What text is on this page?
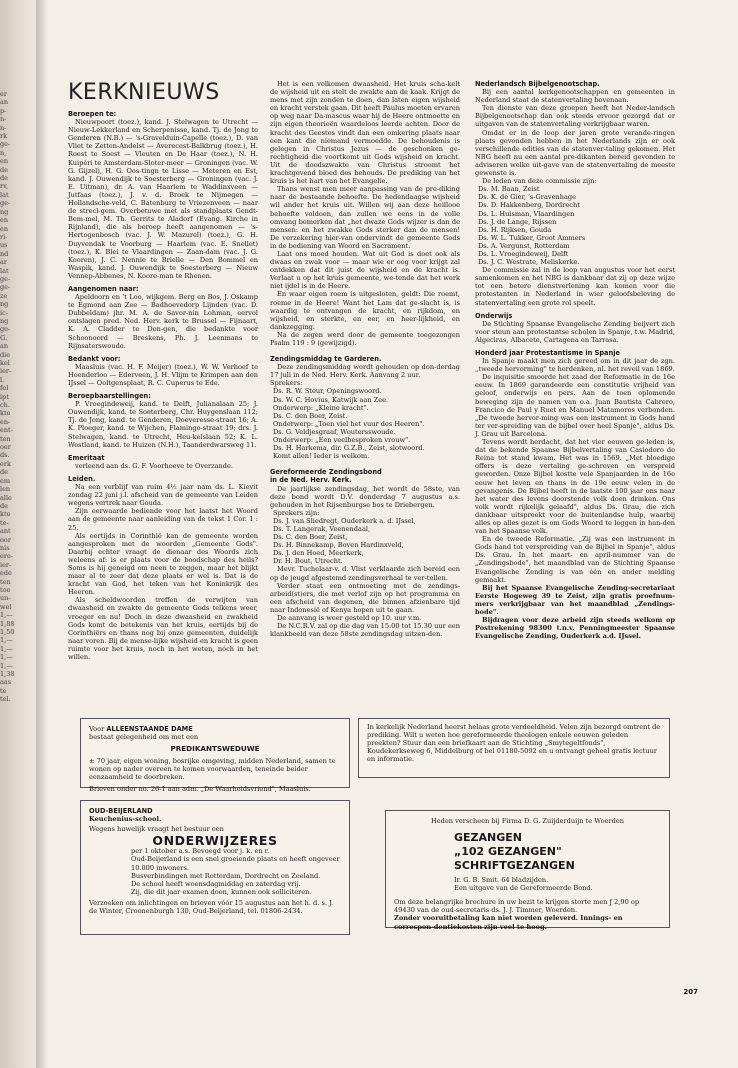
er
an
p-
n-
n-
rk
ge-
n,
en
de
de
rv,
lat
ge-
ng
en
en
ri-
us
nd
ar
lat
ge-
ge-
ze
ng
ic-
ng
ge-
G.
an
die
kel
ier-
l.
fel
ipt
ch.
kte
en-
ent-
ten
oer
ds.
erk
de
em
len
alle
de
kte
te-
ant
oor
nis
ere-
ier-
ede
ten
toe
un-
wel
1,—
1,88
1,50
1,—
1,—
1,—
1,—
1,38
aas
te
tel.
KERKNIEUWS
Beroepen te:

Nieuwpoort (toez.), kand. J. Stelwagen te Utrecht — Nieuw-Lekkerland en Scherpenisse, kand. Tj. de Jong te Genderen (N.B.) — 's-Gravelduin-Capelle (toez.), D. van Vliet te Zetten-Andelst — Averecest-Balkbrug (toez.), H. Roest te Soest — Vleuten en De Haar (toez.), N. H. Kuipéri te Amsterdam-Sloter-meer — Groningen (vac. W. G. Gijzel), H. G. Oos-tingn te Lisse — Meteren en Est, kand. J. Ouwendijk te Soesterberg — Groningen (vac. J. E. Uitman), dr. A. van Haarlem te Waddinxveen — Jutfaas (toez.), J. v. d. Broek te Nijmegen — Hollandsche-veld, C. Batenburg te Vriezenveen — naar de strecl-gem. Overbetuwe met als standplaats Gendt-Bem-mel, M. Th. Gerrits te Aladorf (Evang. Kirche in Rijnland), die als beroep heeft aangenomen — 's-Hertogenbosch (vac. J. W. Mazurel) (toez.), G. H. Duyvendak te Voorburg — Haarlem (vac. E. Snellet) (toez.), K. Blei te Vlaardingen — Zaan-dam (vac. J. G. Kooren), J. C. Nennie te Brielle — Den Bommel en Waspik, kand. J. Ouwendijk te Soesterberg — Nieuw Vennep-Abbenes, N. Koore-man te Rhenen.

Aangenomen naar:

Apeldoorn en 't Loo, wijkgem. Berg en Bos, J. Oskamp te Egmond aan Zee — Badhoevedorp Lijnden (vac. D. Dubbeldam) jhr. M. A. de Savor-nin Lohman, eervol ontslagen pred. Ned. Herv. kerk te Brussel — Fijnaart, K. A. Cladder te Don-gen, die bedankte voor Schoonoord — Breskens, Ph. J. Leenmans te Rijnsaterswoude.

Bedankt voor:

Maasluis (vac. H. F. Meijer) (toez.), W. W. Verhoef te Hoenderloo — Ederveen, J. H. Vlijm te Krimpen aan den IJssel — Ooltgensplaat, R. C. Cuperus te Ede.

Beroepbaarstellingen:

P. Vroegindeweij, kand. te Delft, Julianalaan 25; J. Ouwendijk, kand. te Soeterberg, Chr. Huygenslaan 112; Tj. de Jong, kand. te Genderen, Doeveresse-straat 16; A. K. Ploeger, kand. te Wijchen, Flamingo-straat 19; drs. J. Stelwagen, kand. te Utrecht, Heu-kelslaan 52; K. L. Westland, kand. te Huizen (N.H.), Taanderdwarsweg 11.

Emeritaat

verleend aan ds. G. F. Voorhoeve te Overzande.

Leiden.

Na een verblijf van ruim 4½ jaar nam ds. L. Kievit zondag 22 juni j.l. afscheid van de gemeente van Leiden wegens vertrek naar Gouda.

Zijn eerwaarde bediende voor het laatst het Woord aan de gemeente naar aanleiding van de tekst 1 Cor. 1 : 25.

Als eertijds in Corinthië kan de gemeente worden aangesproken met de woorden „Gemeente Gods". Daarbij echter vraagt de dienaar des Woords zich weleens af: is er plaats voor de boodschap des heils? Soms is hij geneigd om neen te zeggen, maar het blijkt maar al te zeer dat deze plaats er wel is. Dat is de kracht van God, het teken van het Koninkrijk des Heeren.

Als scheldwoorden treffen de verwijten van dwaasheid en zwakte de gemeente Gods telkens weer, vroeger en nu! Doch in deze dwaasheid en zwakheid Gods komt de betekenis van het kruis, eertijds bij de Corinthiërs en thans nog bij onze gemeenten, duidelijk naar voren. Bij de mense-lijke wijsheid en kracht is geen ruimte voor het kruis, noch in het weten, nóch in het willen.

Het is een volkomen dwaasheid. Het kruis scha-kelt de wijsheid uit en stelt de zwakte aan de kaak. Krijgt de mens met zijn zonden te doen, dan laten eigen wijsheid en kracht verstek gaan. Dit heeft Paulus moeten ervaren op weg naar Da-mascus waar hij de Heere ontmoette en zijn eigen theorieën waardeloos leerde achten. Door de kracht des Geestes vindt dan een omkering plaats naar een kant die niemand vermoedde. De behoudenis is gelegen in Christus Jezus — de geschonken ge-rechtigheid die voortkomt uit Gods wijsheid en kracht. Uit de doodszwakte van Christus stroomt het krachtgevend bloed des behouds. De prediking van het kruis is het hart van het Evangelie.

Thans wenst men meer aanpassing van de pre-diking naar de bestaande behoefte. De hedendaagse wijsheid wil ander het kruis uit. Willen wij aan deze heillooe behoefte voldoen, dan zullen we eens in de volle omvang bemerken dat „het dwaze Gods wijzer is dan de mensen: en het zwakke Gods sterker dan de mensen! De verzekering hier-van ondervindt de gemeente Gods in de bediening van Woord en Sacrament.

Laat ons moed houden. Wat uit God is doet ook als dwaas en zwak voor — maar wie er oog voor krijgt zal ontdekken dat dit juist de wijsheid en de kracht is. Verlaat u op het kruis gemeente, we-tende dat het werk niet ijdel is in de Heere.

En waar eigen roem is uitgesloten, geldt: Die roemt, roeme in de Heere! Want het Lam dat ge-slacht is, is waardig te ontvangen de kracht, en rijkdom, en wijsheid, en sterkte, en eer, en heer-lijkheid, en dankzegging.

Na de zegen werd door de gemeente toegezongen Psalm 119 : 9 (gewijzigd).

Zendingsmiddag te Garderen.

Deze zendingsmiddag wordt gehouden op don-derdag 17 juli in de Ned. Herv. Kerk. Aanvang 2 uur.

Sprekers:

Ds. R. W. Steur, Openingswoord.

Ds. W. C. Hovius, Katwijk aan Zee.

Onderwerp: „Kleine kracht".

Ds. C. den Boer, Zeist.

Onderwerp: „Toen viel het vuur des Heeren".

Ds. G. Veldjesgraaf, Woutersswoude.

Onderwerp: „Een veelbesproken vrouw".

Ds. H. Harkema, dir. G.Z.B., Zeist, slotwoord.

Komt allen! Ieder is welkom.

Gereformeerde Zendingsbond
in de Ned. Herv. Kerk.

De jaarlijkse zendingsdag, het wordt de 58ste, van deze bond wordt D.V. donderdag 7 augustus a.s. gehouden in het Rijsenburgse bos te Driebergen.

Sprekers zijn:

Ds. J. van Sliedregt, Ouderkerk a. d. IJssel,

Ds. T. Langerak, Veenendaal,

Ds. C. den Boer, Zeist,

Ds. H. Binnekamp, Boven Hardinxveld,

Ds. J. den Hoed, Meerkerk,

Dr. H. Bout, Utrecht.

Mevr. Tuchelaar-v. d. Vlist verklaarde zich bereid een op de jeugd afgestemd zendingsverhaal te ver-tellen.

Verder staat een ontmoeting met de zendings-arbeid(st)ers, die met verlof zijn op het programma en een afscheid van degenen, die binnen afzienbare tijd naar Indonesië of Kenya hopen uit te gaan.

De aanvang is weer gesteld op 10. uur v.m.

De N.C.R.V. zal op die dag van 15.00 tot 15.30 uur een klankbeeld van deze 58ste zendingsdag uitzen-den.

Nederlandsch Bijbelgenootschap.

Bij een aantal kerkgenootschappen en gemeenten in Nederland staat de statenvertaling bovenaan.

Ten dienste van deze groepen heeft het Neder-landsch Bijbelgenootschap dan ook steeds ervoor gezorgd dat er uitgaven van de statenvertaling verkrijgbaar waren.

Omdat er in de loop der jaren grote verande-ringen plaats gevonden hebben in het Nederlands zijn er ook verschillende edities van de statenver-taling gekomen. Het NBG heeft nu een aantal pre-dikanten bereid gevonden te adviseren welke uit-gave van de statenvertaling de meeste gewenste is.

De leden van deze commissie zijn:

Ds. M. Baan, Zeist

Ds. K. de Gier, 's-Gravenhage

Ds. D. Hakkenberg, Dordrecht

Ds. L. Huisman, Vlaardingen

Ds. J. de Lange, Rijssen

Ds. H. Rijksen, Gouda

Ds. W. L. Tukker, Groot Ammers

Ds. A. Vergunst, Rotterdam

Ds. L. Vroegindeweij, Delft

Ds. J. C. Westrate, Meliskerke.

De commissie zal in de loop van augustus voor het eerst samenkomen en het NBG is dankbaar dat zij op deze wijze tot een betere dienstverlening kan komen voor die protestanten in Nederland in wier geloofsbeleving de statenvertaling een grote rol speelt.

Onderwijs

De Stichting Spaanse Evangelische Zending beijvert zich voor steun aan protestantse scholen in Spanje, t.w. Madrid, Algeciras, Albacete, Cartagena en Tarrasa.

Honderd jaar Protestantisme in Spanje

In Spanje maakt men zich gereed om in dit jaar de zgn. „tweede hervorming" te herdenken, nl. het reveil van 1869.

De inquisitie smoorde het zaad der Reformatie in de 16e eeuw. In 1869 garandeerde een constitutie vrijheid van geloof, onderwijs en pers. Aan de toen oplomende beweging zijn de namen van o.a. Juan Bautista Cabrero, Francico de Paul y Ruet en Manuel Matamoros verbonden. „De tweede hervor-ming was een instrument in Gods hand ter ver-spreiding van de bijbel over heel Spanje", aldus Ds. J. Grau uit Barcelona.

Tevens wordt herdacht, dat het vier eeuwen ge-leden is, dat de bekende Spaanse Bijbelvertaling van Casiodoro de Reina tot stand kwam. Het was in 1569. „Met bloedige offers is deze vertaling ge-schreven en verspreid geworden. Onze Bijbel kostte vele Spanjaarden in de 16e eeuw het leven en thans in de 19e eeuw velen in de gevangenis. De Bijbel heeft in de laatste 100 jaar ons naar het water des levens doorstende volk doen drinken. Ons volk wordt rijkelijk gelaafd", aldus Ds. Grau, die zich dankbaar uitspreekt voor de buitenlandse hulp, waarbij alles op alles gezet is om Gods Woord te leggen in han-den van het Spaanse volk.

En de tweede Reformatie. „Zij was een instrument in Gods hand tot verspreiding van de Bijbel in Spanje", aldus Ds. Grau. In het maart- en april-nummer van de „Zendingsbode", het maandblad van de Stichting Spaanse Evangelische Zending is van één en ander melding gemaakt.

Bij het Spaanse Evangelische Zending-secretariaat Eerste Hogeweg 39 te Zeist, zijn gratis proefnum-mers verkrijgbaar van het maandblad „Zendings-bode".

Bijdragen voor deze arbeid zijn steeds welkom op Postrekening 98300 t.n.v. Penningmeester Spaanse Evangelische Zending, Ouderkerk a.d. IJssel.

Voor ALLEENSTAANDE DAME

bestaat gelegenheid om met een

PREDIKANTSWEDUWE

± 70 jaar, eigen woning, bosrijke omgeving, midden Nederland, samen te wonen op nader overeen te komen voorwaarden, teneinde beider eenzaamheid te doorbreken.

Brieven onder no. 26-1 aan adm. „De Waarheidsvriend", Maasluis.

OUD-BEIJERLAND

Keuchenius-school.

Wegens huwelijk vraagt het bestuur een

ONDERWIJZERES

per 1 oktober a.s. Bevoegd voor j. k. en r.

Oud-Beijerland is een snel groeiende plaats en heeft ongeveer 10.000 inwoners.

Busverbindingen met Rotterdam, Dordrecht en Zeeland.

De school heeft woensdagmiddag en zaterdag vrij.

Zij, die dit jaar examen doen, kunnen ook solliciteren.

Verzoeken om inlichtingen en brieven vóór 15 augustus aan het h. d. s. J. de Winter, Croonenburgh 130, Oud-Beijerland, tel. 01806-2434.

In kerkelijk Nederland heerst helaas grote verdeeldheid. Velen zijn bezorgd omtrent de prediking. Wilt u weten hoe gereformeerde theologen enkele eeuwen geleden preekten? Stuur dan een briefkaart aan de Stichting „Smytegeltfonds", Koudekerkseweg 6, Middelburg of bel 01180-5092 en u ontvangt geheel gratis lectuur en informatie.

Heden verscheen bij Firma D. G. Zuijderduijn te Woerden

GEZANGEN

„102 GEZANGEN"

SCHRIFTGEZANGEN

Ir. G. B. Smit. 64 bladzijden.

Een uitgave van de Gereformeerde Bond.

Om deze belangrijke brochure in uw bezit te krijgen storte men ƒ 2,90 op 49430 van de oud-secretaris ds. J. J. Timmer, Woerden.

Zonder vooruitbetaling kan niet worden geleverd. Innings- en correspon-dentiekosten zijn veel te hoog.

207
